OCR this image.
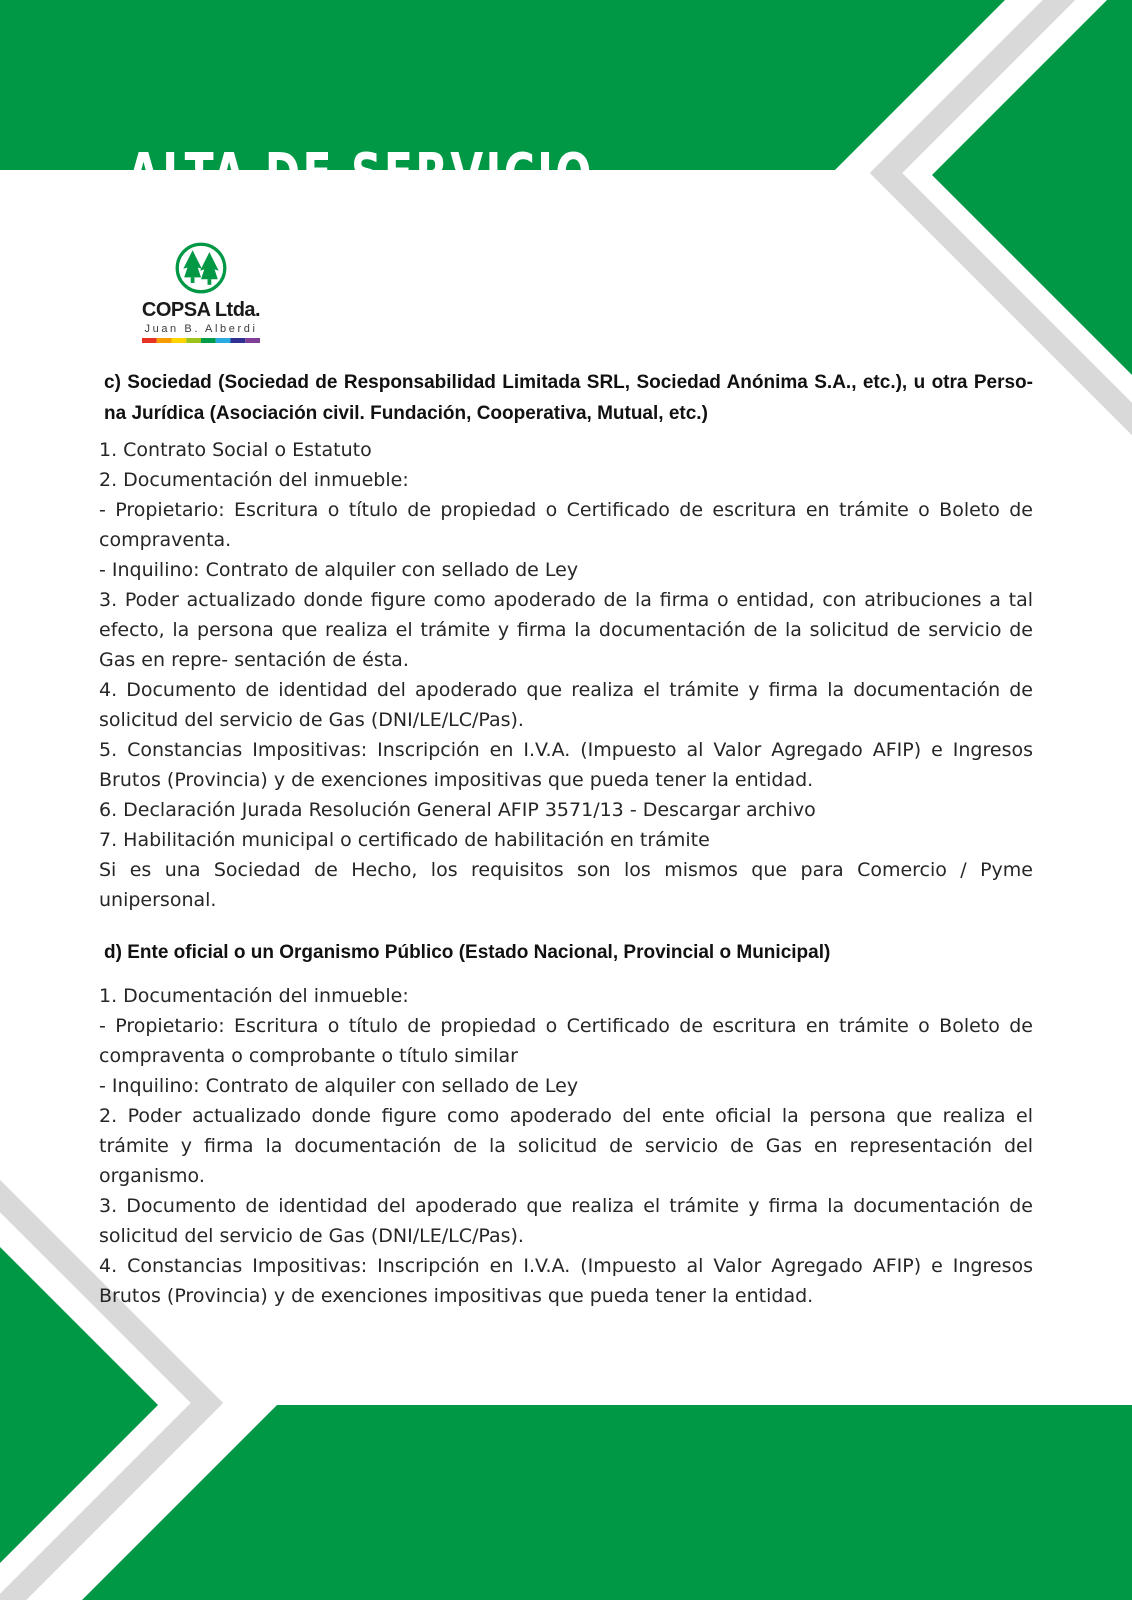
ALTA DE SERVICIO
COPSA Ltda.
Juan B. Alberdi
c) Sociedad (Sociedad de Responsabilidad Limitada SRL, Sociedad Anónima S.A., etc.), u otra Perso- na Jurídica (Asociación civil. Fundación, Cooperativa, Mutual, etc.)

1. Contrato Social o Estatuto

2. Documentación del inmueble:

- Propietario: Escritura o título de propiedad o Certificado de escritura en trámite o Boleto de compraventa.

- Inquilino: Contrato de alquiler con sellado de Ley

3. Poder actualizado donde figure como apoderado de la firma o entidad, con atribuciones a tal efecto, la persona que realiza el trámite y firma la documentación de la solicitud de servicio de Gas en repre- sentación de ésta.

4. Documento de identidad del apoderado que realiza el trámite y firma la documentación de solicitud del servicio de Gas (DNI/LE/LC/Pas).

5. Constancias Impositivas: Inscripción en I.V.A. (Impuesto al Valor Agregado AFIP) e Ingresos Brutos (Provincia) y de exenciones impositivas que pueda tener la entidad.

6. Declaración Jurada Resolución General AFIP 3571/13 - Descargar archivo

7. Habilitación municipal o certificado de habilitación en trámite

Si es una Sociedad de Hecho, los requisitos son los mismos que para Comercio / Pyme unipersonal.

d) Ente oficial o un Organismo Público (Estado Nacional, Provincial o Municipal)

1. Documentación del inmueble:

- Propietario: Escritura o título de propiedad o Certificado de escritura en trámite o Boleto de compraventa o comprobante o título similar

- Inquilino: Contrato de alquiler con sellado de Ley

2. Poder actualizado donde figure como apoderado del ente oficial la persona que realiza el trámite y firma la documentación de la solicitud de servicio de Gas en representación del organismo.

3. Documento de identidad del apoderado que realiza el trámite y firma la documentación de solicitud del servicio de Gas (DNI/LE/LC/Pas).

4. Constancias Impositivas: Inscripción en I.V.A. (Impuesto al Valor Agregado AFIP) e Ingresos Brutos (Provincia) y de exenciones impositivas que pueda tener la entidad.
